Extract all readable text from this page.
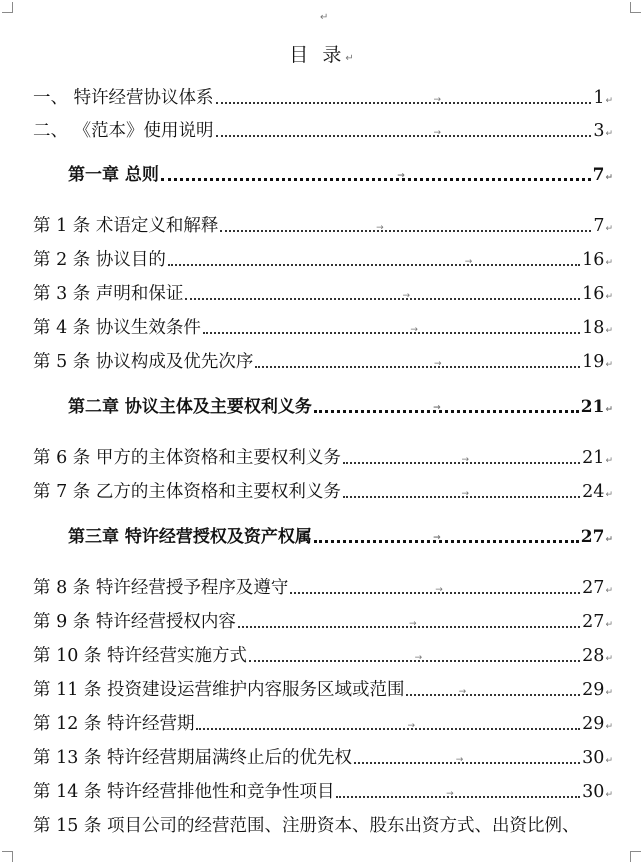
↵
目 录↵
一、 特许经营协议体系	→	1 ↵
二、 《范本》使用说明	→	3 ↵
第一章 总则	→	7 ↵
第 1 条 术语定义和解释	→	7 ↵
第 2 条 协议目的	→	16 ↵
第 3 条 声明和保证	→	16 ↵
第 4 条 协议生效条件	→	18 ↵
第 5 条 协议构成及优先次序	→	19 ↵
第二章 协议主体及主要权利义务	→	21 ↵
第 6 条 甲方的主体资格和主要权利义务	→	21 ↵
第 7 条 乙方的主体资格和主要权利义务	→	24 ↵
第三章 特许经营授权及资产权属	→	27 ↵
第 8 条 特许经营授予程序及遵守	→	27 ↵
第 9 条 特许经营授权内容	→	27 ↵
第 10 条 特许经营实施方式	→	28 ↵
第 11 条 投资建设运营维护内容服务区域或范围	→	29 ↵
第 12 条 特许经营期	→	29 ↵
第 13 条 特许经营期届满终止后的优先权	→	30 ↵
第 14 条 特许经营排他性和竞争性项目	→	30 ↵
第 15 条 项目公司的经营范围、注册资本、股东出资方式、出资比例、
